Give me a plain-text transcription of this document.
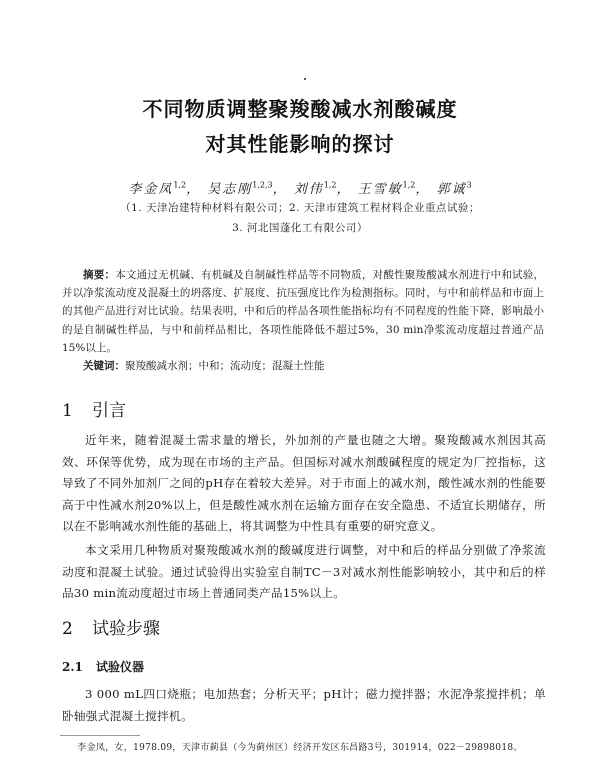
不同物质调整聚羧酸减水剂酸碱度
对其性能影响的探讨
李金凤$^{1,2}$， 吴志刚$^{1,2,3}$， 刘伟$^{1,2}$， 王雪敏$^{1,2}$， 郭诚$^3$
（1. 天津冶建特种材料有限公司；2. 天津市建筑工程材料企业重点试验；
3. 河北国蓬化工有限公司）
摘要：本文通过无机碱、有机碱及自制碱性样品等不同物质，对酸性聚羧酸减水剂进行中和试验，并以净浆流动度及混凝土的坍落度、扩展度、抗压强度比作为检测指标。同时，与中和前样品和市面上的其他产品进行对比试验。结果表明，中和后的样品各项性能指标均有不同程度的性能下降，影响最小的是自制碱性样品，与中和前样品相比，各项性能降低不超过5%，30 min净浆流动度超过普通产品15%以上。
关键词：聚羧酸减水剂；中和；流动度；混凝土性能
1 引言
近年来，随着混凝土需求量的增长，外加剂的产量也随之大增。聚羧酸减水剂因其高效、环保等优势，成为现在市场的主产品。但国标对减水剂酸碱程度的规定为厂控指标，这导致了不同外加剂厂之间的pH存在着较大差异。对于市面上的减水剂，酸性减水剂的性能要高于中性减水剂20%以上，但是酸性减水剂在运输方面存在安全隐患、不适宜长期储存，所以在不影响减水剂性能的基础上，将其调整为中性具有重要的研究意义。
本文采用几种物质对聚羧酸减水剂的酸碱度进行调整，对中和后的样品分别做了净浆流动度和混凝土试验。通过试验得出实验室自制TC－3对减水剂性能影响较小，其中和后的样品30 min流动度超过市场上普通同类产品15%以上。
2 试验步骤
2.1 试验仪器
3 000 mL四口烧瓶；电加热套；分析天平；pH计；磁力搅拌器；水泥净浆搅拌机；单卧轴强式混凝土搅拌机。
李金凤，女，1978.09，天津市蓟县（今为蓟州区）经济开发区东昌路3号，301914，022－29898018。
